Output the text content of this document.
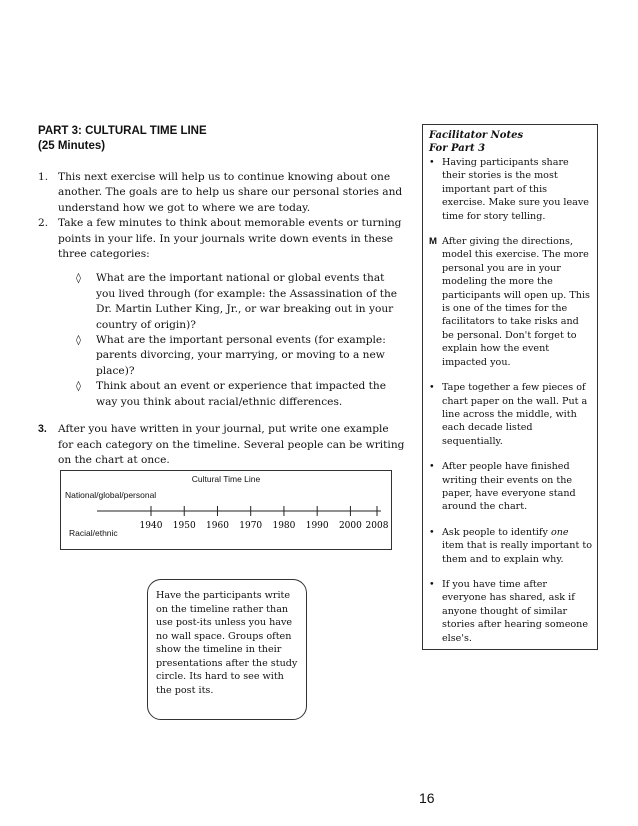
PART 3: CULTURAL TIME LINE
(25 Minutes)
1. This next exercise will help us to continue knowing about one another. The goals are to help us share our personal stories and understand how we got to where we are today.
2. Take a few minutes to think about memorable events or turning points in your life. In your journals write down events in these three categories:
◊ What are the important national or global events that you lived through (for example: the Assassination of the Dr. Martin Luther King, Jr., or war breaking out in your country of origin)?
◊ What are the important personal events (for example: parents divorcing, your marrying, or moving to a new place)?
◊ Think about an event or experience that impacted the way you think about racial/ethnic differences.
3. After you have written in your journal, put write one example for each category on the timeline. Several people can be writing on the chart at once.
1940 1950 1960 1970 1980 1990 2000 2008
Cultural Time Line
National/global/personal
Racial/ethnic
Have the participants write on the timeline rather than use post-its unless you have no wall space. Groups often show the timeline in their presentations after the study circle. Its hard to see with the post its.
Facilitator Notes
For Part 3
• Having participants share their stories is the most important part of this exercise. Make sure you leave time for story telling.
M After giving the directions, model this exercise. The more personal you are in your modeling the more the participants will open up. This is one of the times for the facilitators to take risks and be personal. Don't forget to explain how the event impacted you.
• Tape together a few pieces of chart paper on the wall. Put a line across the middle, with each decade listed sequentially.
• After people have finished writing their events on the paper, have everyone stand around the chart.
• Ask people to identify one item that is really important to them and to explain why.
• If you have time after everyone has shared, ask if anyone thought of similar stories after hearing someone else's.
16
